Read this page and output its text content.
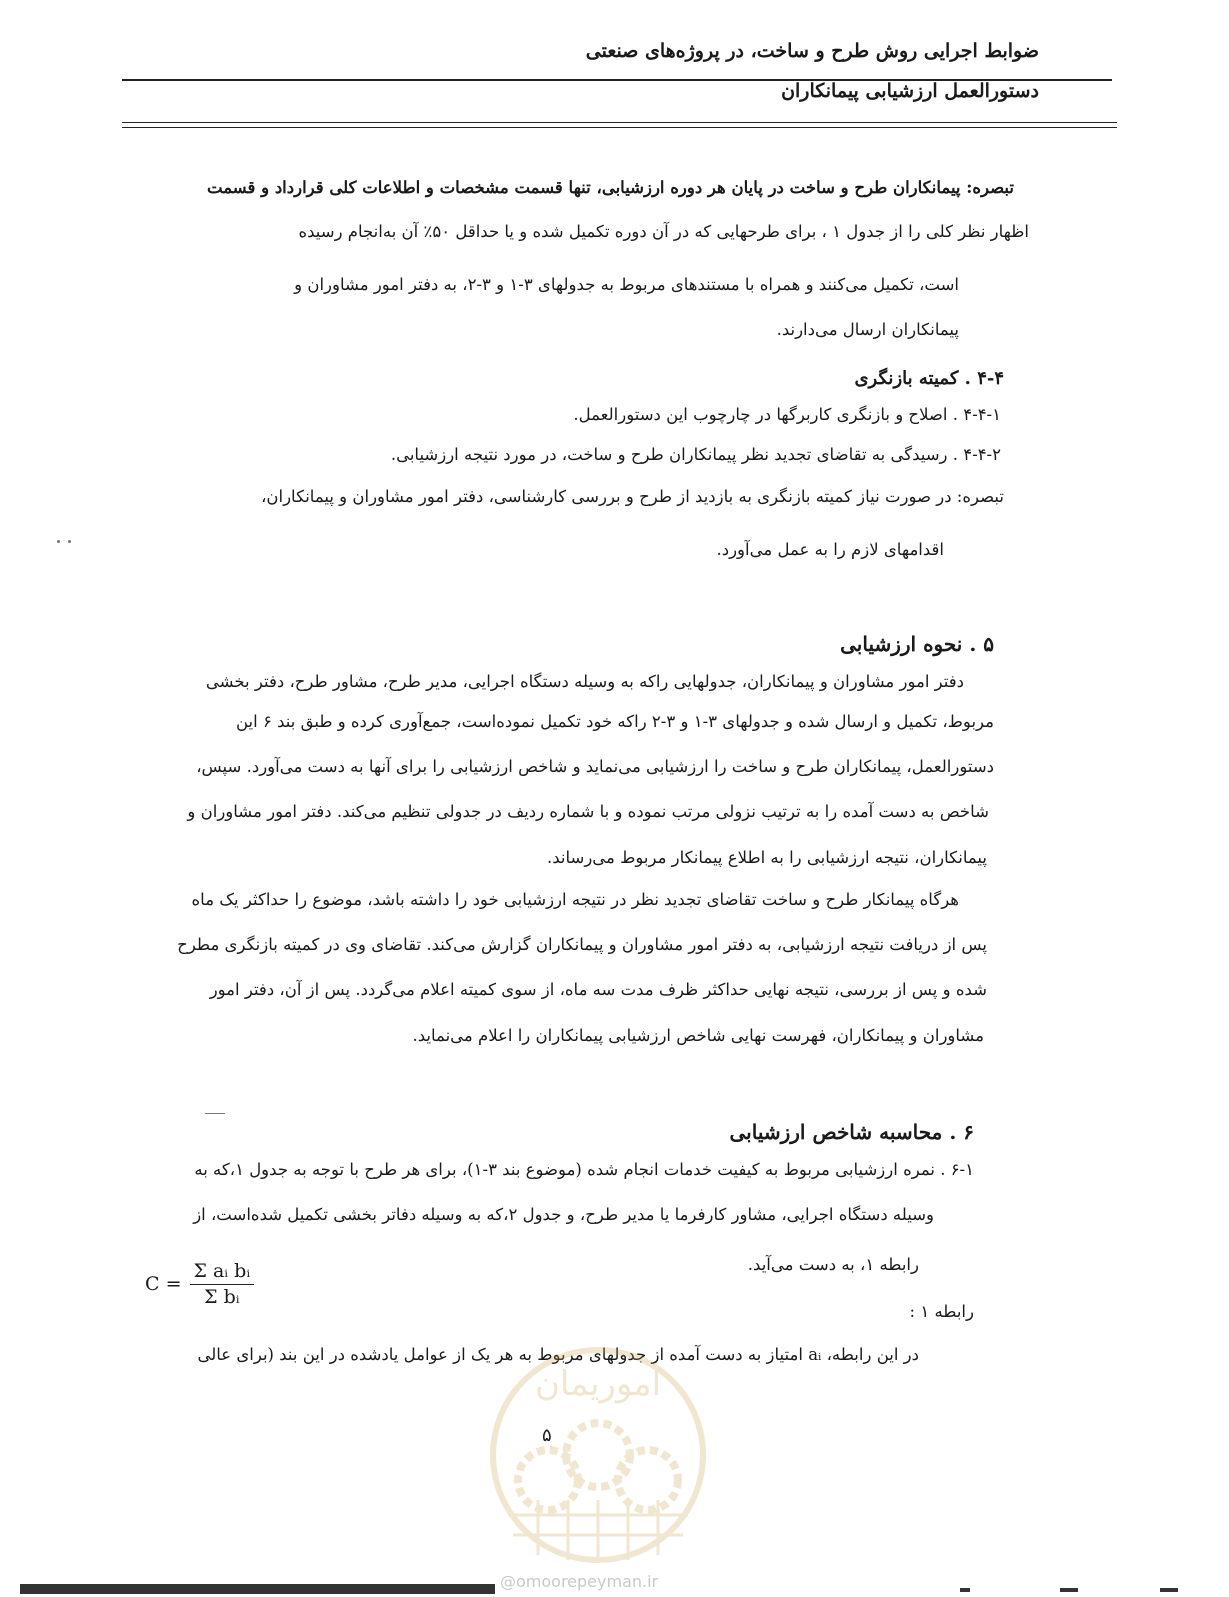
ضوابط اجرایی روش طرح و ساخت، در پروژه‌های صنعتی
دستورالعمل ارزشیابی پیمانکاران
تبصره: پیمانکاران طرح و ساخت در پایان هر دوره ارزشیابی، تنها قسمت مشخصات و اطلاعات کلی قرارداد و قسمت
اظهار نظر کلی را از جدول ۱ ، برای طرحهایی که در آن دوره تکمیل شده و یا حداقل ۵۰٪ آن به‌انجام رسیده
است، تکمیل می‌کنند و همراه با مستندهای مربوط به جدولهای ۳-۱ و ۳-۲، به دفتر امور مشاوران و
پیمانکاران ارسال می‌دارند.
۴-۴ . کمیته بازنگری
۴-۴-۱ . اصلاح و بازنگری کاربرگها در چارچوب این دستورالعمل.
۴-۴-۲ . رسیدگی به تقاضای تجدید نظر پیمانکاران طرح و ساخت، در مورد نتیجه ارزشیابی.
تبصره: در صورت نیاز کمیته بازنگری به بازدید از طرح و بررسی کارشناسی، دفتر امور مشاوران و پیمانکاران،
اقدامهای لازم را به عمل می‌آورد.
۵ . نحوه ارزشیابی
دفتر امور مشاوران و پیمانکاران، جدولهایی را‌که به وسیله دستگاه اجرایی، مدیر طرح، مشاور طرح، دفتر بخشی
مربوط، تکمیل و ارسال شده و جدولهای ۳-۱ و ۳-۲ را‌که خود تکمیل نموده‌است، جمع‌آوری کرده و طبق بند ۶ این
دستورالعمل، پیمانکاران طرح و ساخت را ارزشیابی می‌نماید و شاخص ارزشیابی را برای آنها به دست می‌آورد. سپس،
شاخص به دست آمده را به ترتیب نزولی مرتب نموده و با شماره ردیف در جدولی تنظیم می‌کند. دفتر امور مشاوران و
پیمانکاران، نتیجه ارزشیابی را به اطلاع پیمانکار مربوط می‌رساند.
هرگاه پیمانکار طرح و ساخت تقاضای تجدید نظر در نتیجه ارزشیابی خود را داشته باشد، موضوع را حداکثر یک ماه
پس از دریافت نتیجه ارزشیابی، به دفتر امور مشاوران و پیمانکاران گزارش می‌کند. تقاضای وی در کمیته بازنگری مطرح
شده و پس از بررسی، نتیجه نهایی حداکثر ظرف مدت سه ماه، از سوی کمیته اعلام می‌گردد. پس از آن، دفتر امور
مشاوران و پیمانکاران، فهرست نهایی شاخص ارزشیابی پیمانکاران را اعلام می‌نماید.
۶ . محاسبه شاخص ارزشیابی
۶-۱ . نمره ارزشیابی مربوط به کیفیت خدمات انجام شده (موضوع بند ۳-۱)، برای هر طرح با توجه به جدول ۱،که به
وسیله دستگاه اجرایی، مشاور کارفرما یا مدیر طرح، و جدول ۲،که به وسیله دفاتر بخشی تکمیل شده‌است، از
رابطه ۱، به دست می‌آید.
رابطه ۱ :
$C = \frac{\text{Σ aᵢ bᵢ}}{\text{Σ bᵢ}}$
در این رابطه، aᵢ امتیاز به دست آمده از جدولهای مربوط به هر یک از عوامل یادشده در این بند (برای عالی
اموریمان
۵
@omoorepeyman.ir
